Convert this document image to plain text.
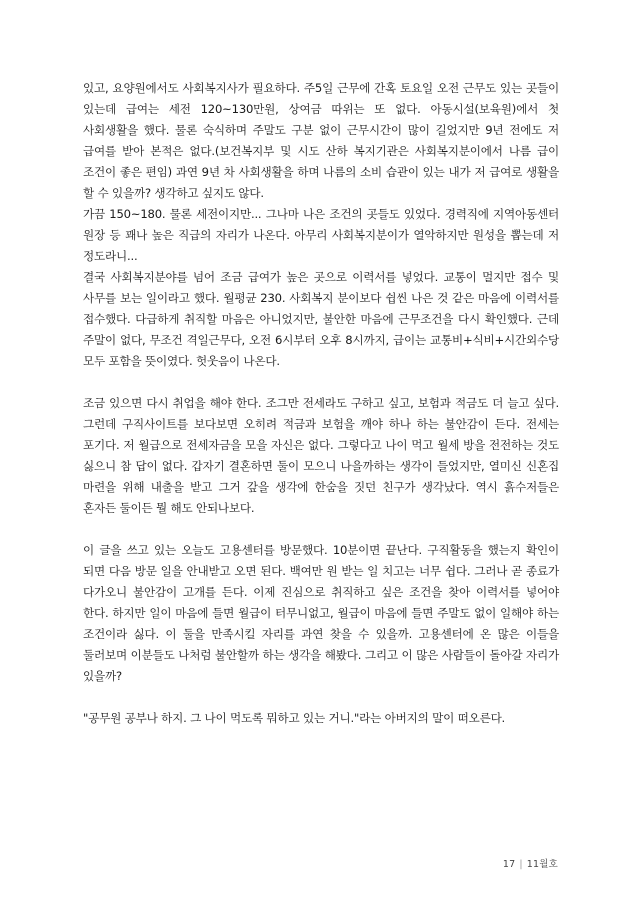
있고, 요양원에서도 사회복지사가 필요하다. 주5일 근무에 간혹 토요일 오전 근무도 있는 곳들이 있는데 급여는 세전 120~130만원, 상여금 따위는 또 없다. 아동시설(보육원)에서 첫 사회생활을 했다. 물론 숙식하며 주말도 구분 없이 근무시간이 많이 길었지만 9년 전에도 저 급여를 받아 본적은 없다.(보건복지부 및 시도 산하 복지기관은 사회복지분이에서 나름 급이 조건이 좋은 편임) 과연 9년 차 사회생활을 하며 나름의 소비 습관이 있는 내가 저 급여로 생활을 할 수 있을까? 생각하고 싶지도 않다.

가끔 150~180. 물론 세전이지만... 그나마 나은 조건의 곳들도 있었다. 경력직에 지역아동센터 원장 등 꽤나 높은 직급의 자리가 나온다. 아무리 사회복지분이가 열악하지만 원성을 뽑는데 저 정도라니...

결국 사회복지분야를 넘어 조금 급여가 높은 곳으로 이력서를 넣었다. 교통이 멀지만 접수 및 사무를 보는 일이라고 했다. 월평균 230. 사회복지 분이보다 쉽씬 나은 것 같은 마음에 이력서를 접수했다. 다급하게 취직할 마음은 아니었지만, 불안한 마음에 근무조건을 다시 확인했다. 근데 주말이 없다, 무조건 격일근무다, 오전 6시부터 오후 8시까지, 급이는 교통비+식비+시간외수당 모두 포함을 뜻이였다. 헛웃음이 나온다.

조금 있으면 다시 취업을 해야 한다. 조그만 전세라도 구하고 싶고, 보험과 적금도 더 늘고 싶다. 그런데 구직사이트를 보다보면 오히려 적금과 보험을 깨야 하나 하는 불안감이 든다. 전세는 포기다. 저 월급으로 전세자금을 모을 자신은 없다. 그렇다고 나이 먹고 월세 방을 전전하는 것도 싫으니 참 답이 없다. 갑자기 결혼하면 둘이 모으니 나을까하는 생각이 들었지만, 열미신 신혼집 마련을 위해 내출을 받고 그거 갚을 생각에 한숨을 짓던 친구가 생각났다. 역시 흙수저들은 혼자든 둘이든 뭘 해도 안되나보다.

이 글을 쓰고 있는 오늘도 고용센터를 방문했다. 10분이면 끝난다. 구직활동을 했는지 확인이 되면 다음 방문 일을 안내받고 오면 된다. 백여만 원 받는 일 치고는 너무 쉽다. 그러나 곧 종료가 다가오니 불안감이 고개를 든다. 이제 진심으로 취직하고 싶은 조건을 찾아 이력서를 넣어야 한다. 하지만 일이 마음에 들면 월급이 터무니없고, 월급이 마음에 들면 주말도 없이 일해야 하는 조건이라 싫다. 이 둘을 만족시킬 자리를 과연 찾을 수 있을까. 고용센터에 온 많은 이들을 둘러보며 이분들도 나처럼 불안할까 하는 생각을 해봤다. 그리고 이 많은 사람들이 돌아갈 자리가 있을까?

"공무원 공부나 하지. 그 나이 먹도록 뭐하고 있는 거니."라는 아버지의 말이 떠오른다.

17 | 11월호
